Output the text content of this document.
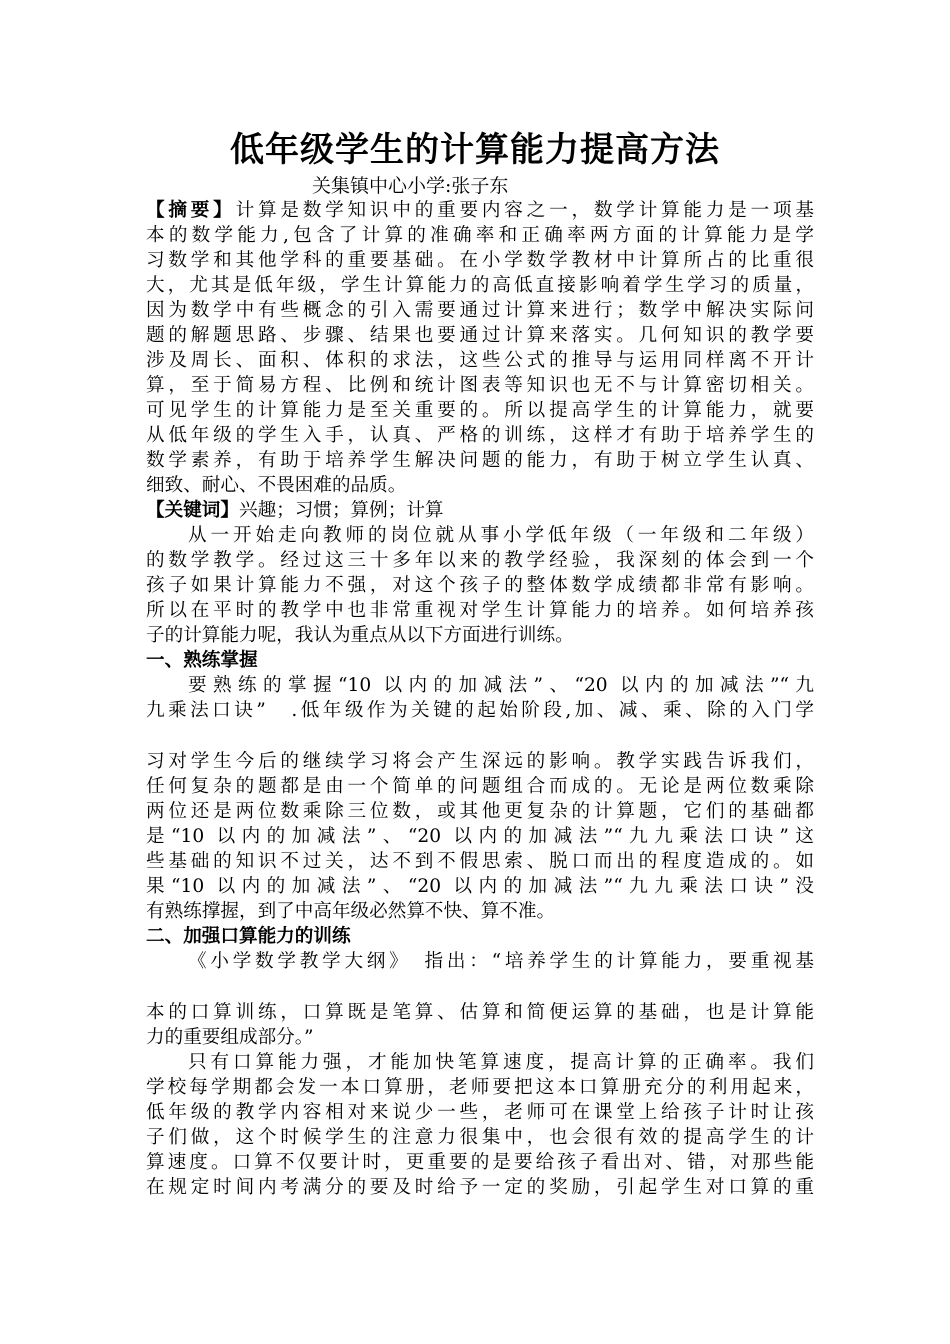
低年级学生的计算能力提高方法
关集镇中心小学:张子东
【摘要】计算是数学知识中的重要内容之一，数学计算能力是一项基
本的数学能力,包含了计算的准确率和正确率两方面的计算能力是学
习数学和其他学科的重要基础。在小学数学教材中计算所占的比重很
大，尤其是低年级，学生计算能力的高低直接影响着学生学习的质量，
因为数学中有些概念的引入需要通过计算来进行；数学中解决实际问
题的解题思路、步骤、结果也要通过计算来落实。几何知识的教学要
涉及周长、面积、体积的求法，这些公式的推导与运用同样离不开计
算，至于简易方程、比例和统计图表等知识也无不与计算密切相关。
可见学生的计算能力是至关重要的。所以提高学生的计算能力，就要
从低年级的学生入手，认真、严格的训练，这样才有助于培养学生的
数学素养，有助于培养学生解决问题的能力，有助于树立学生认真、
细致、耐心、不畏困难的品质。
【关键词】兴趣；习惯；算例；计算
从一开始走向教师的岗位就从事小学低年级（一年级和二年级）
的数学教学。经过这三十多年以来的教学经验，我深刻的体会到一个
孩子如果计算能力不强，对这个孩子的整体数学成绩都非常有影响。
所以在平时的教学中也非常重视对学生计算能力的培养。如何培养孩
子的计算能力呢，我认为重点从以下方面进行训练。
一、熟练掌握
要熟练的掌握“10 以内的加减法”、“20 以内的加减法”“九
九乘法口诀”　.低年级作为关键的起始阶段,加、减、乘、除的入门学
习对学生今后的继续学习将会产生深远的影响。教学实践告诉我们，
任何复杂的题都是由一个简单的问题组合而成的。无论是两位数乘除
两位还是两位数乘除三位数，或其他更复杂的计算题，它们的基础都
是“10 以内的加减法”、“20 以内的加减法”“九九乘法口诀”这
些基础的知识不过关，达不到不假思索、脱口而出的程度造成的。如
果“10 以内的加减法”、“20 以内的加减法”“九九乘法口诀”没
有熟练撑握，到了中高年级必然算不快、算不准。
二、加强口算能力的训练
《小学数学教学大纲》　指出：“培养学生的计算能力，要重视基
本的口算训练，口算既是笔算、估算和简便运算的基础，也是计算能
力的重要组成部分。”
只有口算能力强，才能加快笔算速度，提高计算的正确率。我们
学校每学期都会发一本口算册，老师要把这本口算册充分的利用起来，
低年级的教学内容相对来说少一些，老师可在课堂上给孩子计时让孩
子们做，这个时候学生的注意力很集中，也会很有效的提高学生的计
算速度。口算不仅要计时，更重要的是要给孩子看出对、错，对那些能
在规定时间内考满分的要及时给予一定的奖励，引起学生对口算的重
